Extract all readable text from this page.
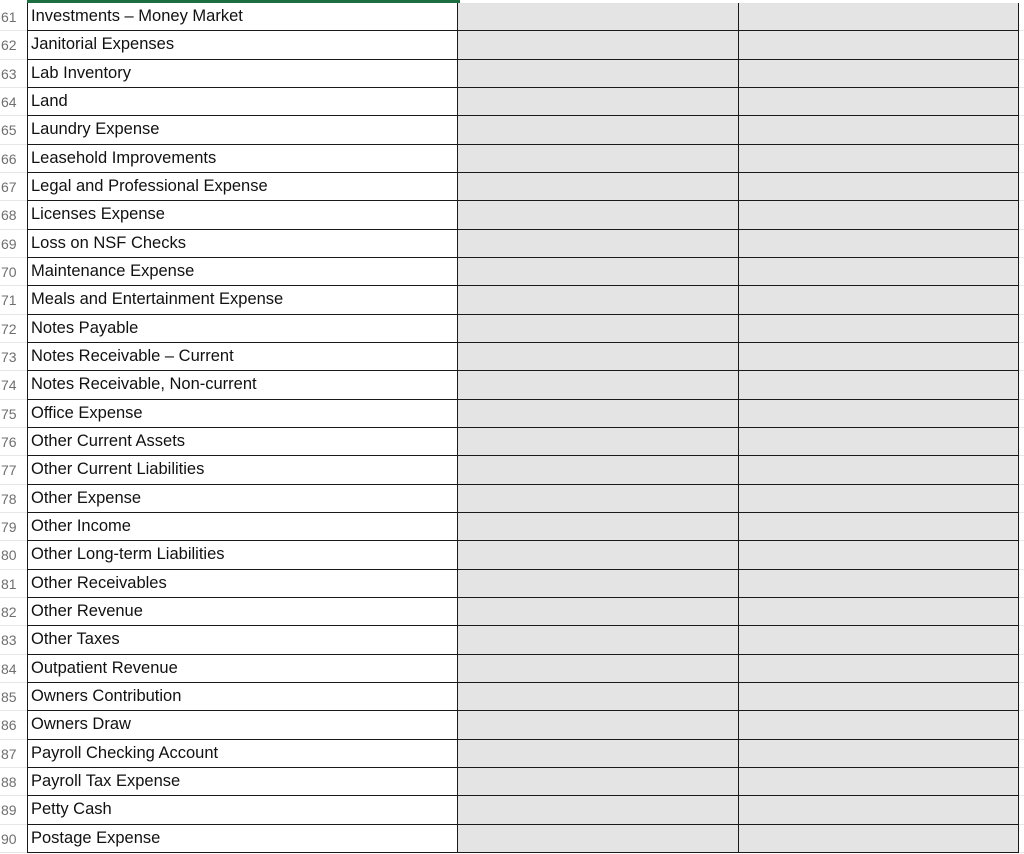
61 Investments – Money Market
62 Janitorial Expenses
63 Lab Inventory
64 Land
65 Laundry Expense
66 Leasehold Improvements
67 Legal and Professional Expense
68 Licenses Expense
69 Loss on NSF Checks
70 Maintenance Expense
71 Meals and Entertainment Expense
72 Notes Payable
73 Notes Receivable – Current
74 Notes Receivable, Non-current
75 Office Expense
76 Other Current Assets
77 Other Current Liabilities
78 Other Expense
79 Other Income
80 Other Long-term Liabilities
81 Other Receivables
82 Other Revenue
83 Other Taxes
84 Outpatient Revenue
85 Owners Contribution
86 Owners Draw
87 Payroll Checking Account
88 Payroll Tax Expense
89 Petty Cash
90 Postage Expense
